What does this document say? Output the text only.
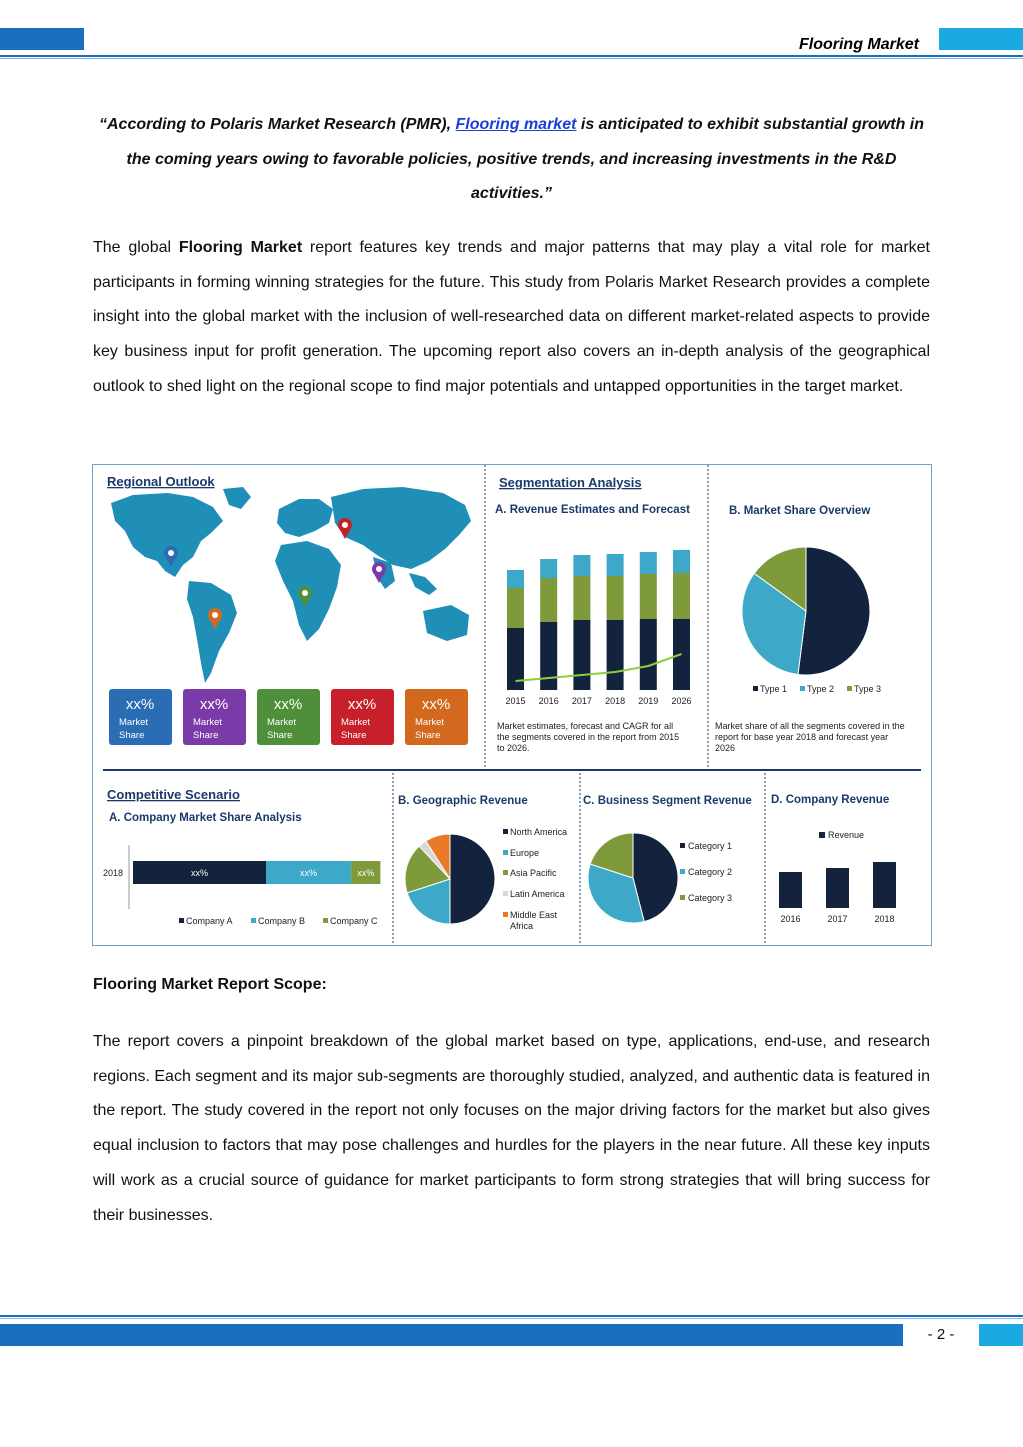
Flooring Market
“According to Polaris Market Research (PMR), Flooring market is anticipated to exhibit substantial growth in the coming years owing to favorable policies, positive trends, and increasing investments in the R&D activities.”
The global Flooring Market report features key trends and major patterns that may play a vital role for market participants in forming winning strategies for the future. This study from Polaris Market Research provides a complete insight into the global market with the inclusion of well-researched data on different market-related aspects to provide key business input for profit generation. The upcoming report also covers an in-depth analysis of the geographical outlook to shed light on the regional scope to find major potentials and untapped opportunities in the target market.
Regional Outlook
xx%
Market
Share
xx%
Market
Share
xx%
Market
Share
xx%
Market
Share
xx%
Market
Share
Segmentation Analysis
A. Revenue Estimates and Forecast
2015 2016 2017 2018 2019 2026
Market estimates, forecast and CAGR for all the segments covered in the report from 2015 to 2026.
B. Market Share Overview
Type 1 Type 2 Type 3
Market share of all the segments covered in the report for base year 2018 and forecast year 2026
Competitive Scenario
A. Company Market Share Analysis
2018	xx%	xx%	xx%
Company A	Company B	Company C
B. Geographic Revenue
North America
Europe
Asia Pacific
Latin America
Middle East
Africa
C. Business Segment Revenue
Category 1
Category 2
Category 3
D. Company Revenue
Revenue
2016	2017	2018
Flooring Market Report Scope:
The report covers a pinpoint breakdown of the global market based on type, applications, end-use, and research regions. Each segment and its major sub-segments are thoroughly studied, analyzed, and authentic data is featured in the report. The study covered in the report not only focuses on the major driving factors for the market but also gives equal inclusion to factors that may pose challenges and hurdles for the players in the near future. All these key inputs will work as a crucial source of guidance for market participants to form strong strategies that will bring success for their businesses.
- 2 -
